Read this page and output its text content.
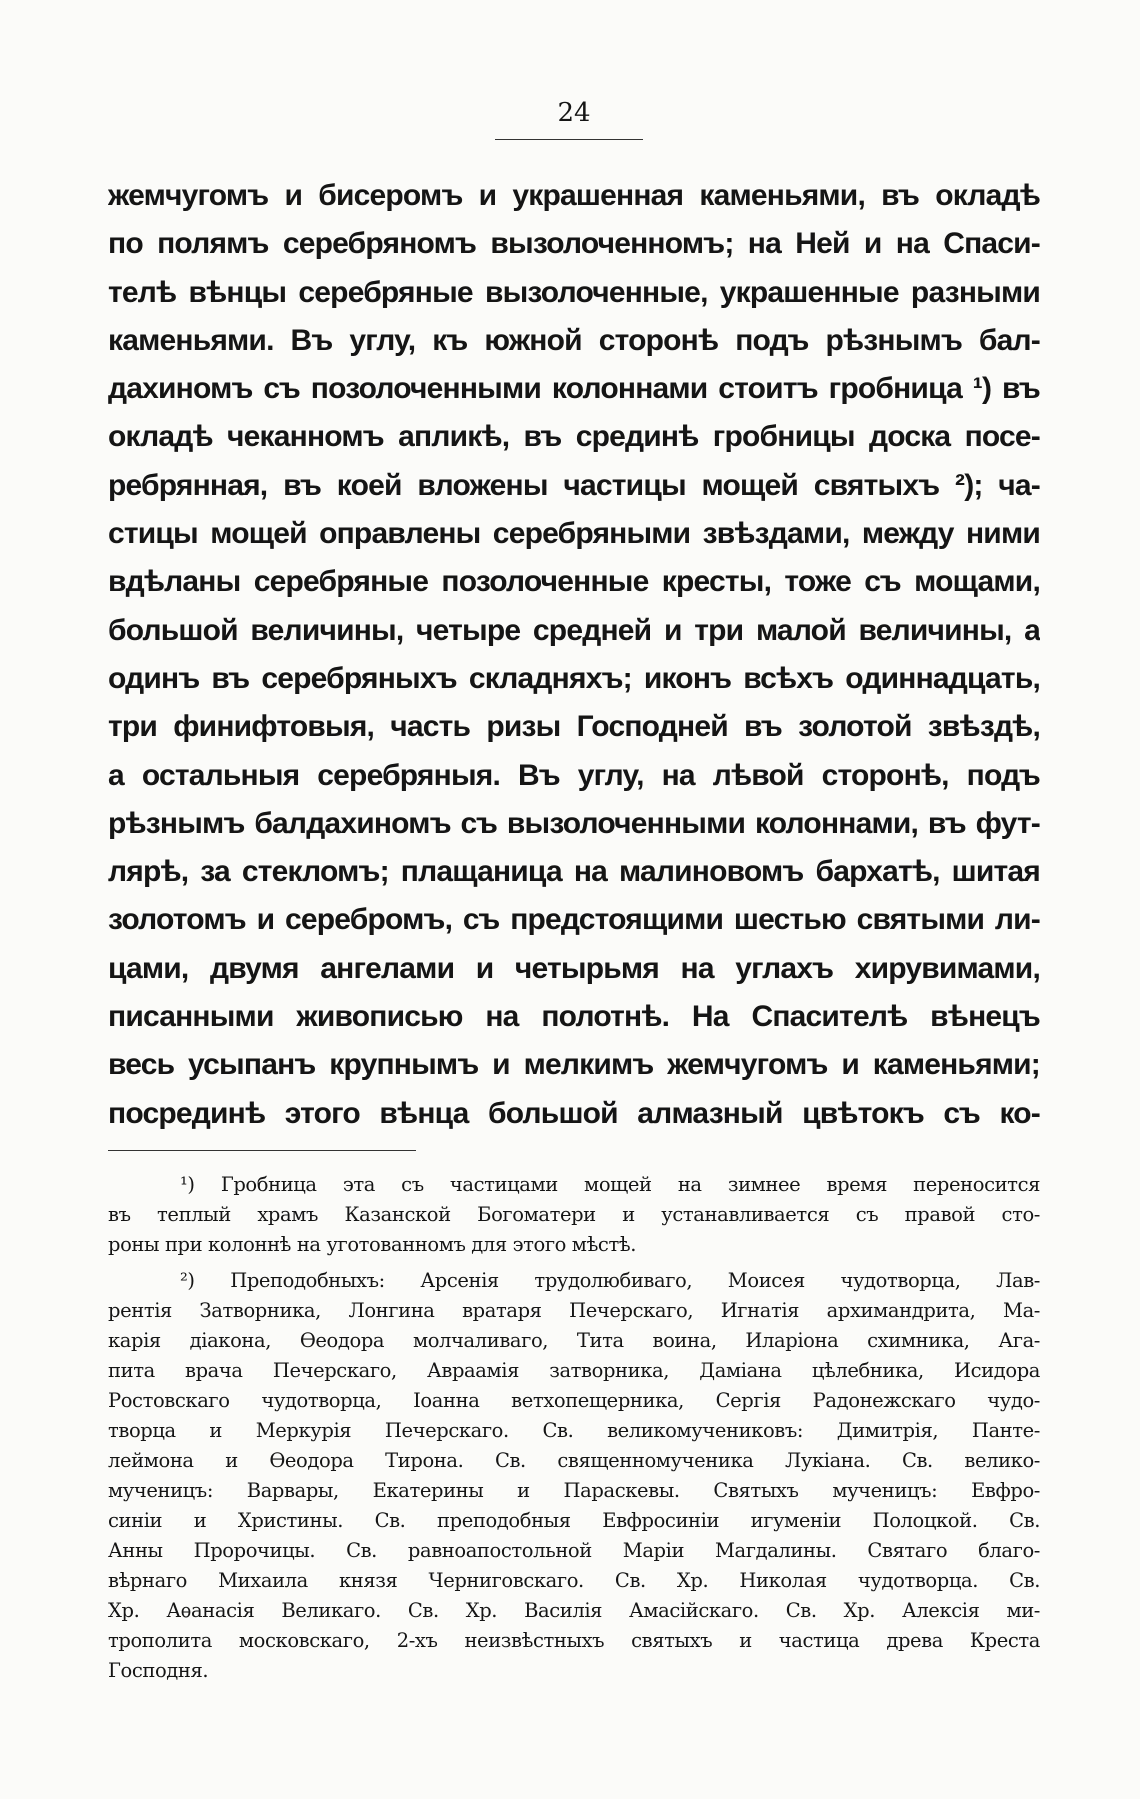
24
жемчугомъ и бисеромъ и украшенная каменьями, въ окладѣ
по полямъ серебряномъ вызолоченномъ; на Ней и на Спаси-
телѣ вѣнцы серебряные вызолоченные, украшенные разными
каменьями. Въ углу, къ южной сторонѣ подъ рѣзнымъ бал-
дахиномъ съ позолоченными колоннами стоитъ гробница ¹) въ
окладѣ чеканномъ апликѣ, въ срединѣ гробницы доска посе-
ребрянная, въ коей вложены частицы мощей святыхъ ²); ча-
стицы мощей оправлены серебряными звѣздами, между ними
вдѣланы серебряные позолоченные кресты, тоже съ мощами,
большой величины, четыре средней и три малой величины, а
одинъ въ серебряныхъ складняхъ; иконъ всѣхъ одиннадцать,
три финифтовыя, часть ризы Господней въ золотой звѣздѣ,
а остальныя серебряныя. Въ углу, на лѣвой сторонѣ, подъ
рѣзнымъ балдахиномъ съ вызолоченными колоннами, въ фут-
лярѣ, за стекломъ; плащаница на малиновомъ бархатѣ, шитая
золотомъ и серебромъ, съ предстоящими шестью святыми ли-
цами, двумя ангелами и четырьмя на углахъ хирувимами,
писанными живописью на полотнѣ. На Спасителѣ вѣнецъ
весь усыпанъ крупнымъ и мелкимъ жемчугомъ и каменьями;
посрединѣ этого вѣнца большой алмазный цвѣтокъ съ ко-
¹) Гробница эта съ частицами мощей на зимнее время переносится
въ теплый храмъ Казанской Богоматери и устанавливается съ правой сто-
роны при колоннѣ на уготованномъ для этого мѣстѣ.
²) Преподобныхъ: Арсенія трудолюбиваго, Моисея чудотворца, Лав-
рентія Затворника, Лонгина вратаря Печерскаго, Игнатія архимандрита, Ма-
карія діакона, Ѳеодора молчаливаго, Тита воина, Иларіона схимника, Ага-
пита врача Печерскаго, Авраамія затворника, Даміана цѣлебника, Исидора
Ростовскаго чудотворца, Іоанна ветхопещерника, Сергія Радонежскаго чудо-
творца и Меркурія Печерскаго. Св. великомучениковъ: Димитрія, Панте-
леймона и Ѳеодора Тирона. Св. священномученика Лукіана. Св. велико-
мученицъ: Варвары, Екатерины и Параскевы. Святыхъ мученицъ: Евфро-
синіи и Христины. Св. преподобныя Евфросиніи игуменіи Полоцкой. Св.
Анны Пророчицы. Св. равноапостольной Маріи Магдалины. Святаго благо-
вѣрнаго Михаила князя Черниговскаго. Св. Хр. Николая чудотворца. Св.
Хр. Аѳанасія Великаго. Св. Хр. Василія Амасійскаго. Св. Хр. Алексія ми-
трополита московскаго, 2-хъ неизвѣстныхъ святыхъ и частица древа Креста
Господня.
